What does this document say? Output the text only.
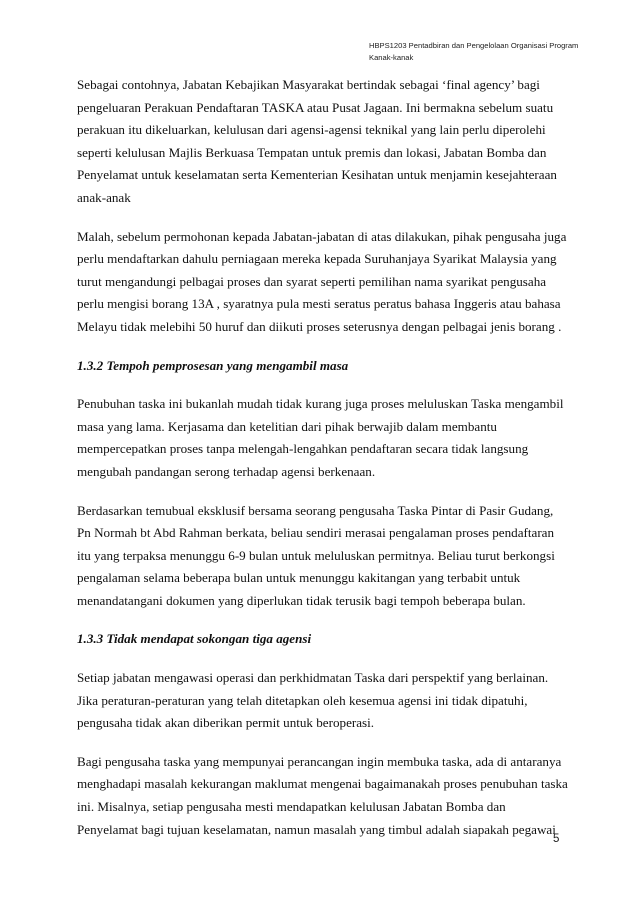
HBPS1203 Pentadbiran dan Pengelolaan Organisasi Program
Kanak-kanak
Sebagai contohnya, Jabatan Kebajikan Masyarakat bertindak sebagai ‘final agency’ bagi
pengeluaran Perakuan Pendaftaran TASKA atau Pusat Jagaan. Ini bermakna sebelum suatu
perakuan itu dikeluarkan, kelulusan dari agensi-agensi teknikal yang lain perlu diperolehi
seperti kelulusan Majlis Berkuasa Tempatan untuk premis dan lokasi, Jabatan Bomba dan
Penyelamat untuk keselamatan serta Kementerian Kesihatan untuk menjamin kesejahteraan
anak-anak
Malah, sebelum permohonan kepada Jabatan-jabatan di atas dilakukan, pihak pengusaha juga
perlu mendaftarkan dahulu perniagaan mereka kepada Suruhanjaya Syarikat Malaysia yang
turut mengandungi pelbagai proses dan syarat seperti pemilihan nama syarikat pengusaha
perlu mengisi borang 13A , syaratnya pula mesti seratus peratus bahasa Inggeris atau bahasa
Melayu tidak melebihi 50 huruf dan diikuti proses seterusnya dengan pelbagai jenis borang .
1.3.2 Tempoh pemprosesan yang mengambil masa
Penubuhan taska ini bukanlah mudah tidak kurang juga proses meluluskan Taska mengambil
masa yang lama. Kerjasama dan ketelitian dari pihak berwajib dalam membantu
mempercepatkan proses tanpa melengah-lengahkan pendaftaran secara tidak langsung
mengubah pandangan serong terhadap agensi berkenaan.
Berdasarkan temubual eksklusif bersama seorang pengusaha Taska Pintar di Pasir Gudang,
Pn Normah bt Abd Rahman berkata, beliau sendiri merasai pengalaman proses pendaftaran
itu yang terpaksa menunggu 6-9 bulan untuk meluluskan permitnya. Beliau turut berkongsi
pengalaman selama beberapa bulan untuk menunggu kakitangan yang terbabit untuk
menandatangani dokumen yang diperlukan tidak terusik bagi tempoh beberapa bulan.
1.3.3 Tidak mendapat sokongan tiga agensi
Setiap jabatan mengawasi operasi dan perkhidmatan Taska dari perspektif yang berlainan.
Jika peraturan-peraturan yang telah ditetapkan oleh kesemua agensi ini tidak dipatuhi,
pengusaha tidak akan diberikan permit untuk beroperasi.
Bagi pengusaha taska yang mempunyai perancangan ingin membuka taska, ada di antaranya
menghadapi masalah kekurangan maklumat mengenai bagaimanakah proses penubuhan taska
ini. Misalnya, setiap pengusaha mesti mendapatkan kelulusan Jabatan Bomba dan
Penyelamat bagi tujuan keselamatan, namun masalah yang timbul adalah siapakah pegawai
5
